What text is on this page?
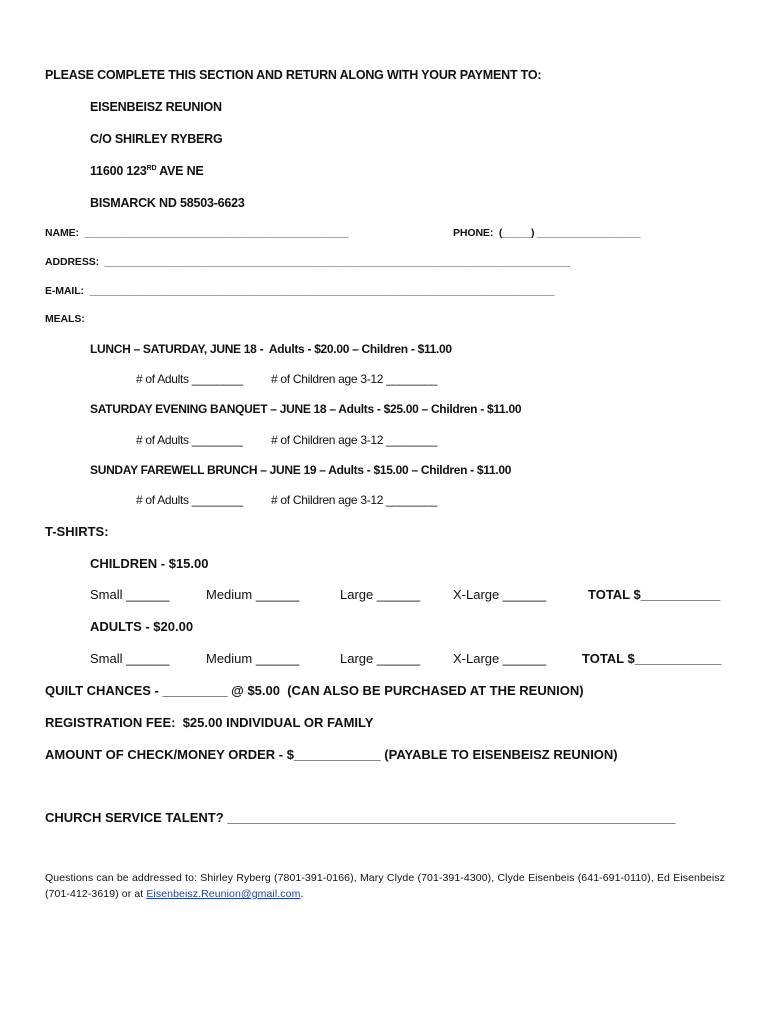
PLEASE COMPLETE THIS SECTION AND RETURN ALONG WITH YOUR PAYMENT TO:
EISENBEISZ REUNION
C/O SHIRLEY RYBERG
11600 123RD AVE NE
BISMARCK ND 58503-6623
NAME:  ______________________________________________	PHONE:  (_____) __________________
ADDRESS:  _________________________________________________________________________________
E-MAIL:  _________________________________________________________________________________
MEALS:
LUNCH – SATURDAY, JUNE 18 -  Adults - $20.00 – Children - $11.00
# of Adults ________ # of Children age 3-12 ________
SATURDAY EVENING BANQUET – JUNE 18 – Adults - $25.00 – Children - $11.00
# of Adults ________ # of Children age 3-12 ________
SUNDAY FAREWELL BRUNCH – JUNE 19 – Adults - $15.00 – Children - $11.00
# of Adults ________ # of Children age 3-12 ________
T-SHIRTS:
CHILDREN - $15.00
Small ______	Medium ______	Large ______	X-Large ______	TOTAL $___________
ADULTS - $20.00
Small ______	Medium ______	Large ______	X-Large ______	TOTAL $____________
QUILT CHANCES - _________ @ $5.00  (CAN ALSO BE PURCHASED AT THE REUNION)
REGISTRATION FEE:  $25.00 INDIVIDUAL OR FAMILY
AMOUNT OF CHECK/MONEY ORDER - $____________ (PAYABLE TO EISENBEISZ REUNION)
CHURCH SERVICE TALENT? ______________________________________________________________
Questions can be addressed to: Shirley Ryberg (7801-391-0166), Mary Clyde (701-391-4300), Clyde Eisenbeis (641-691-0110), Ed Eisenbeisz (701-412-3619) or at Eisenbeisz.Reunion@gmail.com.
